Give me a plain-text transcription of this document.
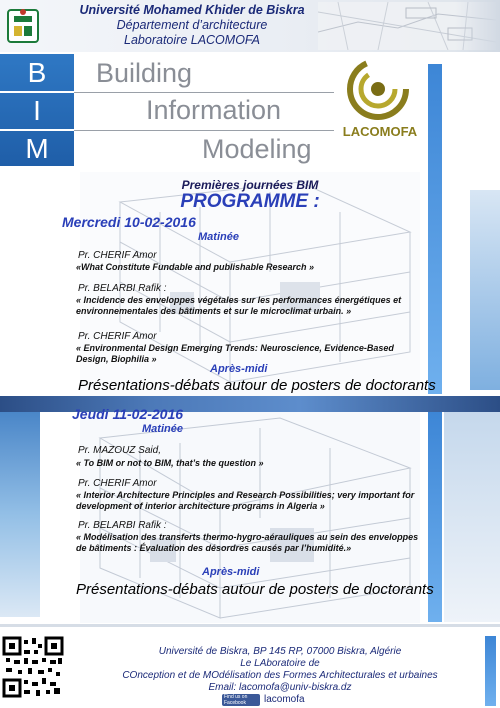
Université Mohamed Khider de Biskra
Département d’architecture
Laboratoire LACOMOFA
B
I
M
Building
Information
Modeling
LACOMOFA
Premières journées BIM
PROGRAMME :
Mercredi 10-02-2016
Matinée
Pr. CHERIF Amor
«What Constitute Fundable and publishable Research »
Pr. BELARBI Rafik :
« Incidence des enveloppes végétales sur les performances énergétiques et environnementales des bâtiments et sur le microclimat urbain. »
Pr. CHERIF Amor
« Environmental Design Emerging Trends: Neuroscience, Evidence-Based Design, Biophilia »
Après-midi
Présentations-débats autour de posters de doctorants
Jeudi 11-02-2016
Matinée
Pr. MAZOUZ Said,
« To BIM or not to BIM, that’s the question »
Pr. CHERIF Amor
« Interior Architecture Principles and Research Possibilities; very important for development of interior architecture programs in Algeria »
Pr. BELARBI Rafik :
« Modélisation des transferts thermo-hygro-aérauliques au sein des enveloppes de bâtiments : Évaluation des désordres causés par l’humidité.»
Après-midi
Présentations-débats autour de posters de doctorants
Université de Biskra, BP 145 RP, 07000 Biskra, Algérie
Le LAboratoire de
COnception et de MOdélisation des Formes Architecturales et urbaines
Email: lacomofa@univ-biskra.dz
Find us on Facebook	lacomofa
